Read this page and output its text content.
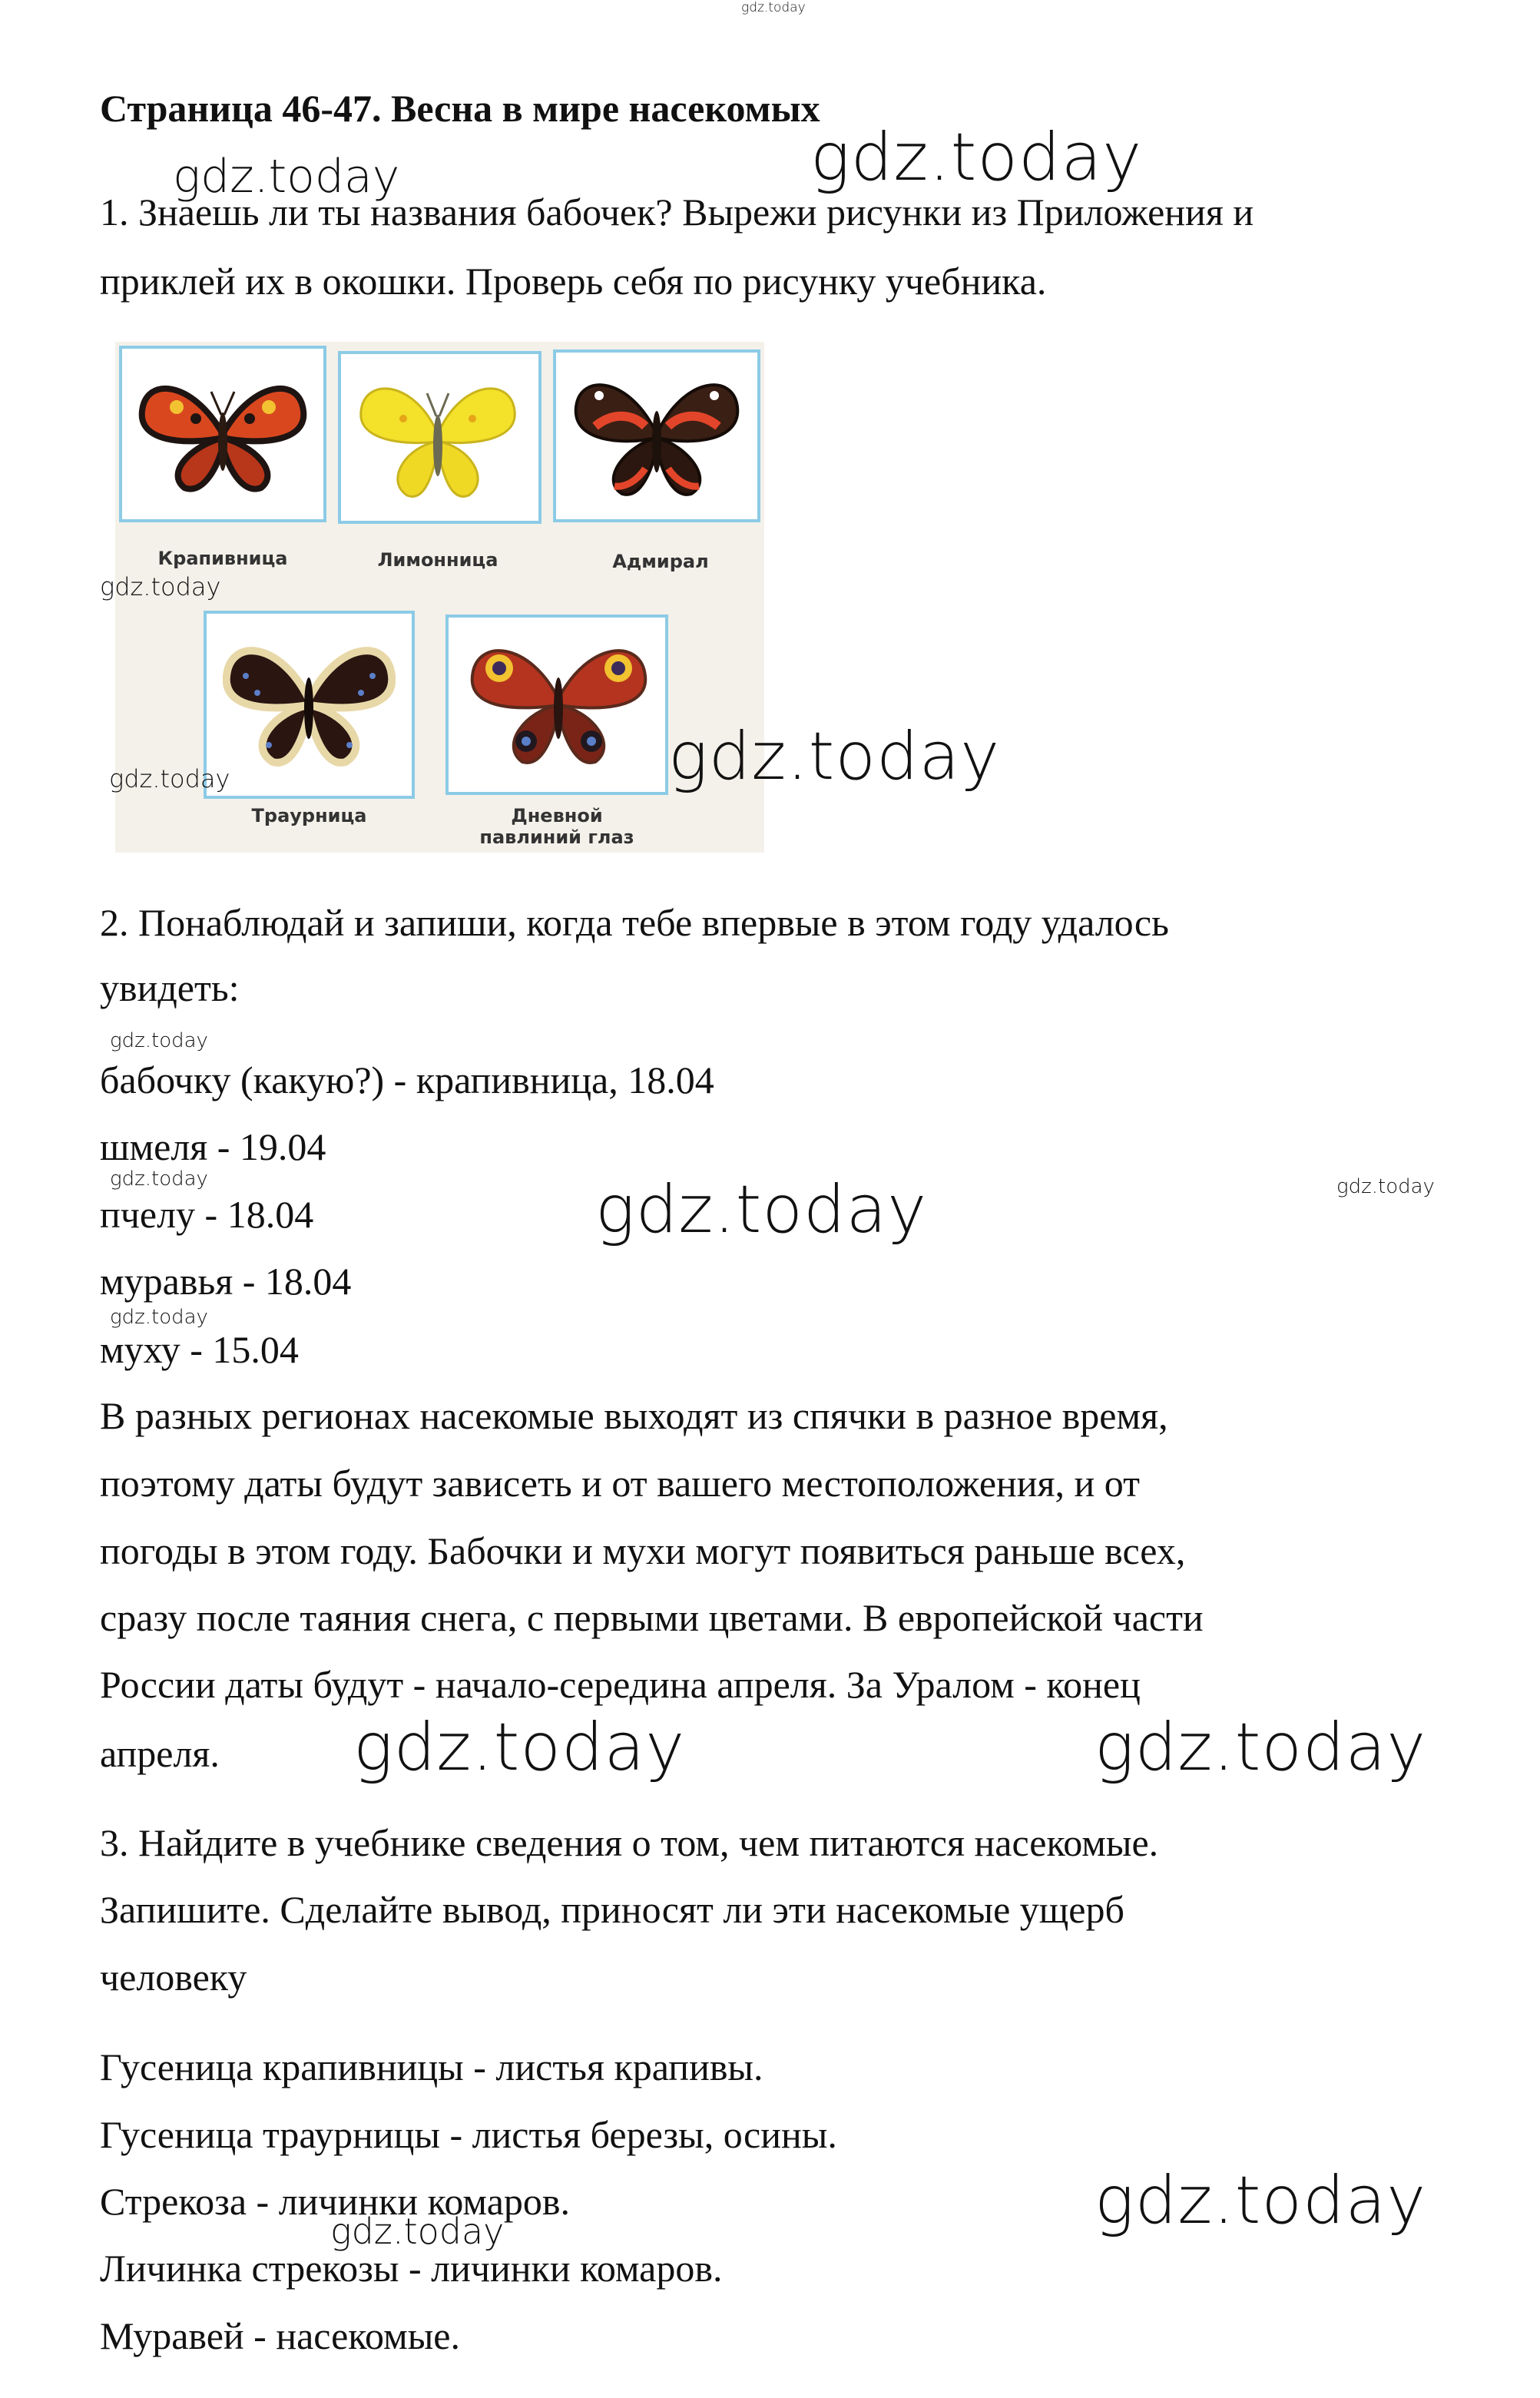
gdz.today
Страница 46-47. Весна в мире насекомых
1. Знаешь ли ты названия бабочек? Вырежи рисунки из Приложения и
приклей их в окошки. Проверь себя по рисунку учебника.
Крапивница	Лимонница	Адмирал
Траурница	Дневной павлиний глаз
2. Понаблюдай и запиши, когда тебе впервые в этом году удалось
увидеть:
бабочку (какую?) - крапивница, 18.04
шмеля - 19.04
пчелу - 18.04
муравья - 18.04
муху - 15.04
В разных регионах насекомые выходят из спячки в разное время,
поэтому даты будут зависеть и от вашего местоположения, и от
погоды в этом году. Бабочки и мухи могут появиться раньше всех,
сразу после таяния снега, с первыми цветами. В европейской части
России даты будут - начало-середина апреля. За Уралом - конец
апреля.
3. Найдите в учебнике сведения о том, чем питаются насекомые.
Запишите. Сделайте вывод, приносят ли эти насекомые ущерб
человеку
Гусеница крапивницы - листья крапивы.
Гусеница траурницы - листья березы, осины.
Стрекоза - личинки комаров.
Личинка стрекозы - личинки комаров.
Муравей - насекомые.
gdz.today
gdz.today
gdz.today
gdz.today	gdz.today
gdz.today
gdz.today	gdz.today
gdz.today
gdz.today
gdz.today	gdz.today
gdz.today
gdz.today
